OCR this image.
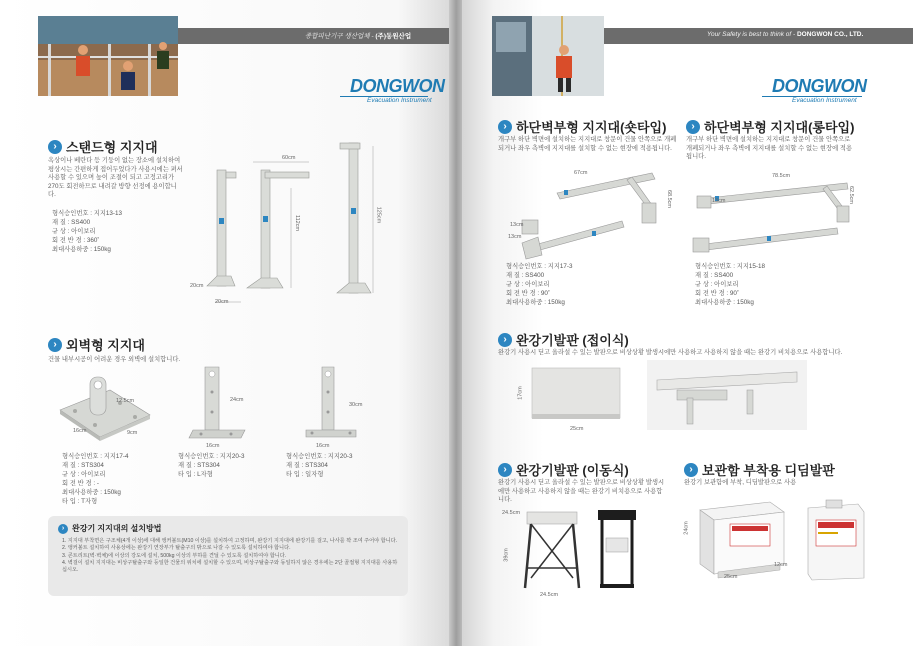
종합피난기구 생산업체 - (주)동원산업
DONGWON
Evacuation Instrument
› 스탠드형 지지대
옥상이나 베란다 등 기둥이 없는 장소에 설치하여 평상시는 간편하게 접어두었다가 사용시에는 펴서 사용할 수 있으며 높이 조절이 되고 고정고리가 270도 회전하므로 내려갈 방향 선정에 용이합니다.
형식승인번호 : 지지13-13
재 질 : SS400
규 상 : 아이보리
회 전 반 경 : 360˚
최대사용하중 : 150kg
60cm
20cm
20cm
112cm	125cm
› 외벽형 지지대
건물 내부시공이 어려운 경우 외벽에 설치합니다.
12.5cm
16cm	9cm
24cm
16cm
30cm
16cm
형식승인번호 : 지지17-4
재 질 : STS304
규 상 : 아이보리
회 전 반 경 : -
최대사용하중 : 150kg
타 입 : T자형
형식승인번호 : 지지20-3
재 질 : STS304
타 입 : L자형
형식승인번호 : 지지20-3
재 질 : STS304
타 입 : 일자형
› 완강기 지지대의 설치방법
1. 지지대 부착면은 구조체(4개 이상)에 대해 앵커볼트(M10 이상)를 설치하여 고정하며, 완강기 지지대에 완강기를 걸고, 나사를 꽉 조여 주어야 합니다.
2. 앵커볼트 설치하여 사용상에는 완강기 연장부가 탈출구의 밖으로 나갈 수 있도록 설치하여야 합니다.
3. 콘트리트(벽·벽체)에 이상의 강도에 설치, 500kg 이상의 부하를 견딜 수 있도록 설치하여야 합니다.
4. 벽걸이 설치 지지대는 비상구탈출구와 등일한 건물의 위치에 설치할 수 있으며, 비상구탈출구와 동일하지 않은 경우에는 2단 골절형 지지대를 사용하십시오.
Your Safety is best to think of - DONGWON CO., LTD.
DONGWON
Evacuation Instrument
› 하단벽부형 지지대(숏타입)
개구부 하단 벽면에 설치하는 지지대로 창문이 건물 안쪽으로 개폐되거나 좌우 측벽에 지지대를 설치할 수 없는 현장에 적용됩니다.
67cm
68.5cm
13cm
13cm
형식승인번호 : 지지17-3
재 질 : SS400
규 상 : 아이보리
회 전 반 경 : 90˚
최대사용하중 : 150kg
› 하단벽부형 지지대(롱타입)
개구부 하단 벽면에 설치하는 지지대로 창문이 건물 안쪽으로 개폐되거나 좌우 측벽에 지지대를 설치할 수 없는 현장에 적용됩니다.
78.5cm
62.5cm
13cm
형식승인번호 : 지지15-18
재 질 : SS400
규 상 : 아이보리
회 전 반 경 : 90˚
최대사용하중 : 150kg
› 완강기발판 (접이식)
완강기 사용시 딛고 올라설 수 있는 발판으로 비상상황 발생시에만 사용하고 사용하지 않을 때는 완강기 비치용으로 사용합니다.
17cm
25cm
› 완강기발판 (이동식)
완강기 사용시 딛고 올라설 수 있는 발판으로 비상상황 발생시에만 사용하고 사용하지 않을 때는 완강기 비치용으로 사용합니다.
24.5cm
39cm
24.5cm
› 보관함 부착용 디딤발판
완강기 보관함에 부착, 디딤발판으로 사용
12cm
24cm
25cm
